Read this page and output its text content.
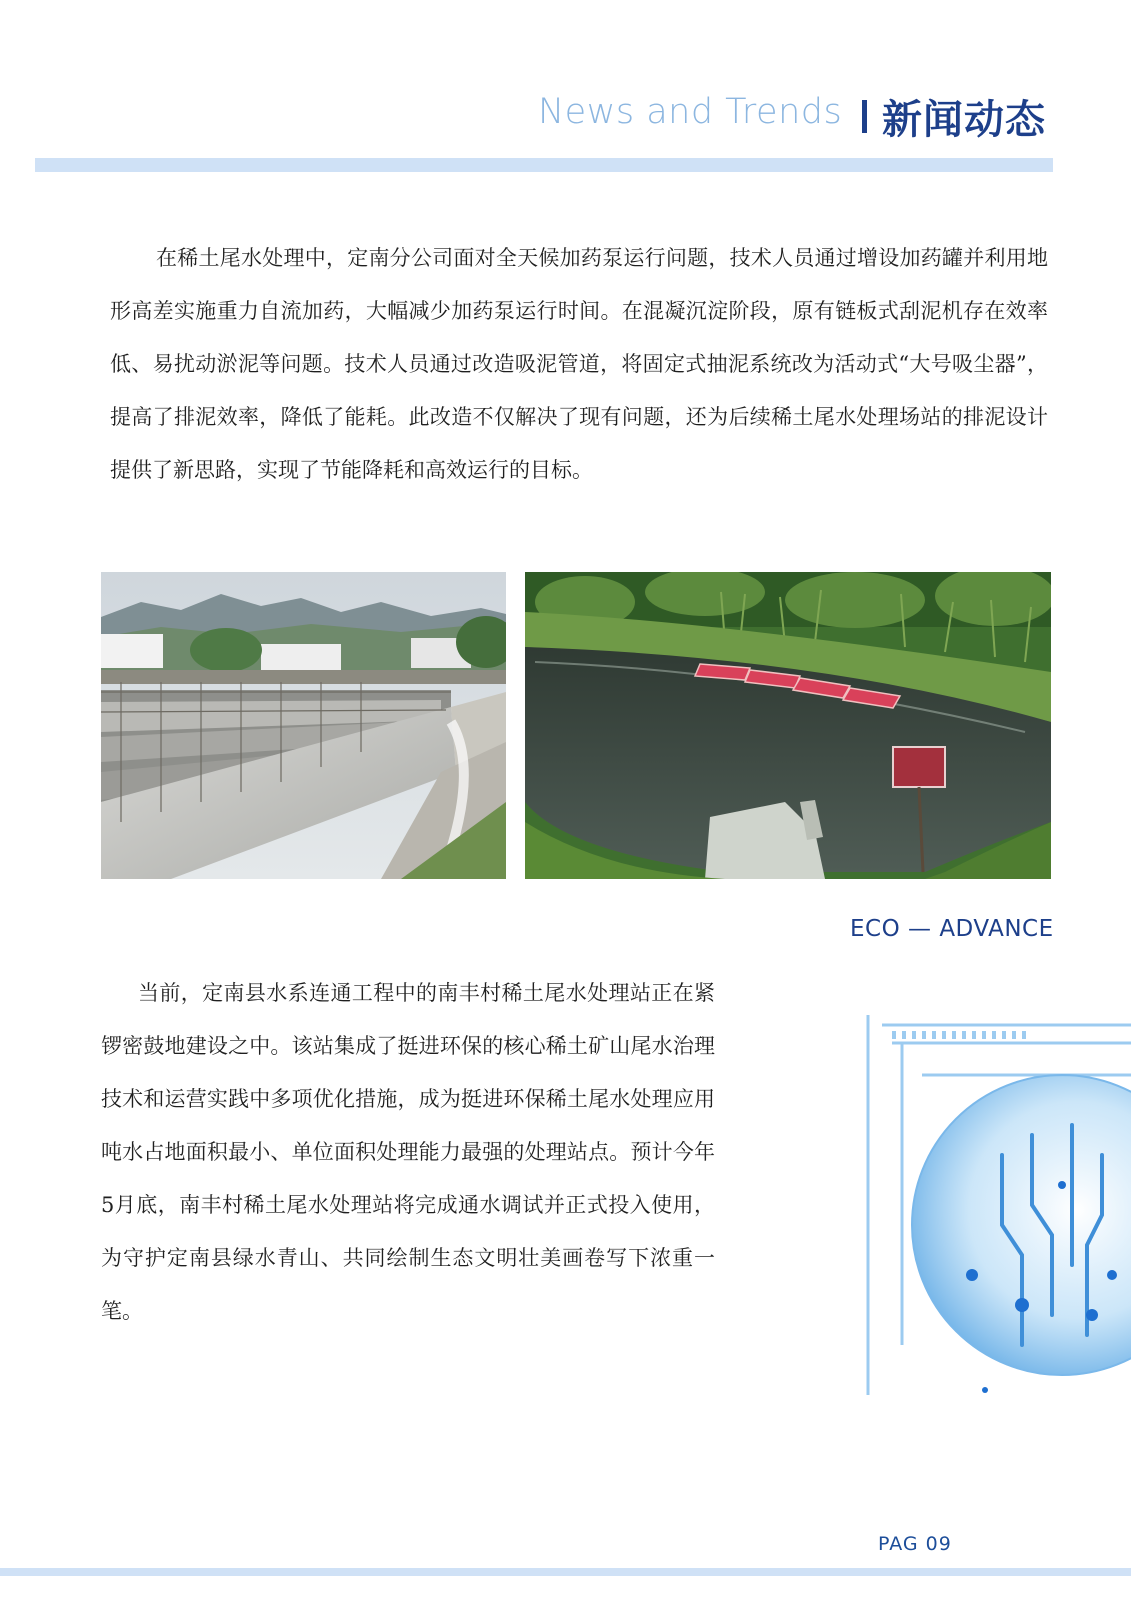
News and Trends 新闻动态

在稀土尾水处理中，定南分公司面对全天候加药泵运行问题，技术人员通过增设加药罐并利用地形高差实施重力自流加药，大幅减少加药泵运行时间。在混凝沉淀阶段，原有链板式刮泥机存在效率低、易扰动淤泥等问题。技术人员通过改造吸泥管道，将固定式抽泥系统改为活动式“大号吸尘器”，提高了排泥效率，降低了能耗。此改造不仅解决了现有问题，还为后续稀土尾水处理场站的排泥设计提供了新思路，实现了节能降耗和高效运行的目标。

ECO — ADVANCE

当前，定南县水系连通工程中的南丰村稀土尾水处理站正在紧锣密鼓地建设之中。该站集成了挺进环保的核心稀土矿山尾水治理技术和运营实践中多项优化措施，成为挺进环保稀土尾水处理应用吨水占地面积最小、单位面积处理能力最强的处理站点。预计今年5月底，南丰村稀土尾水处理站将完成通水调试并正式投入使用，为守护定南县绿水青山、共同绘制生态文明壮美画卷写下浓重一笔。

PAG 09
